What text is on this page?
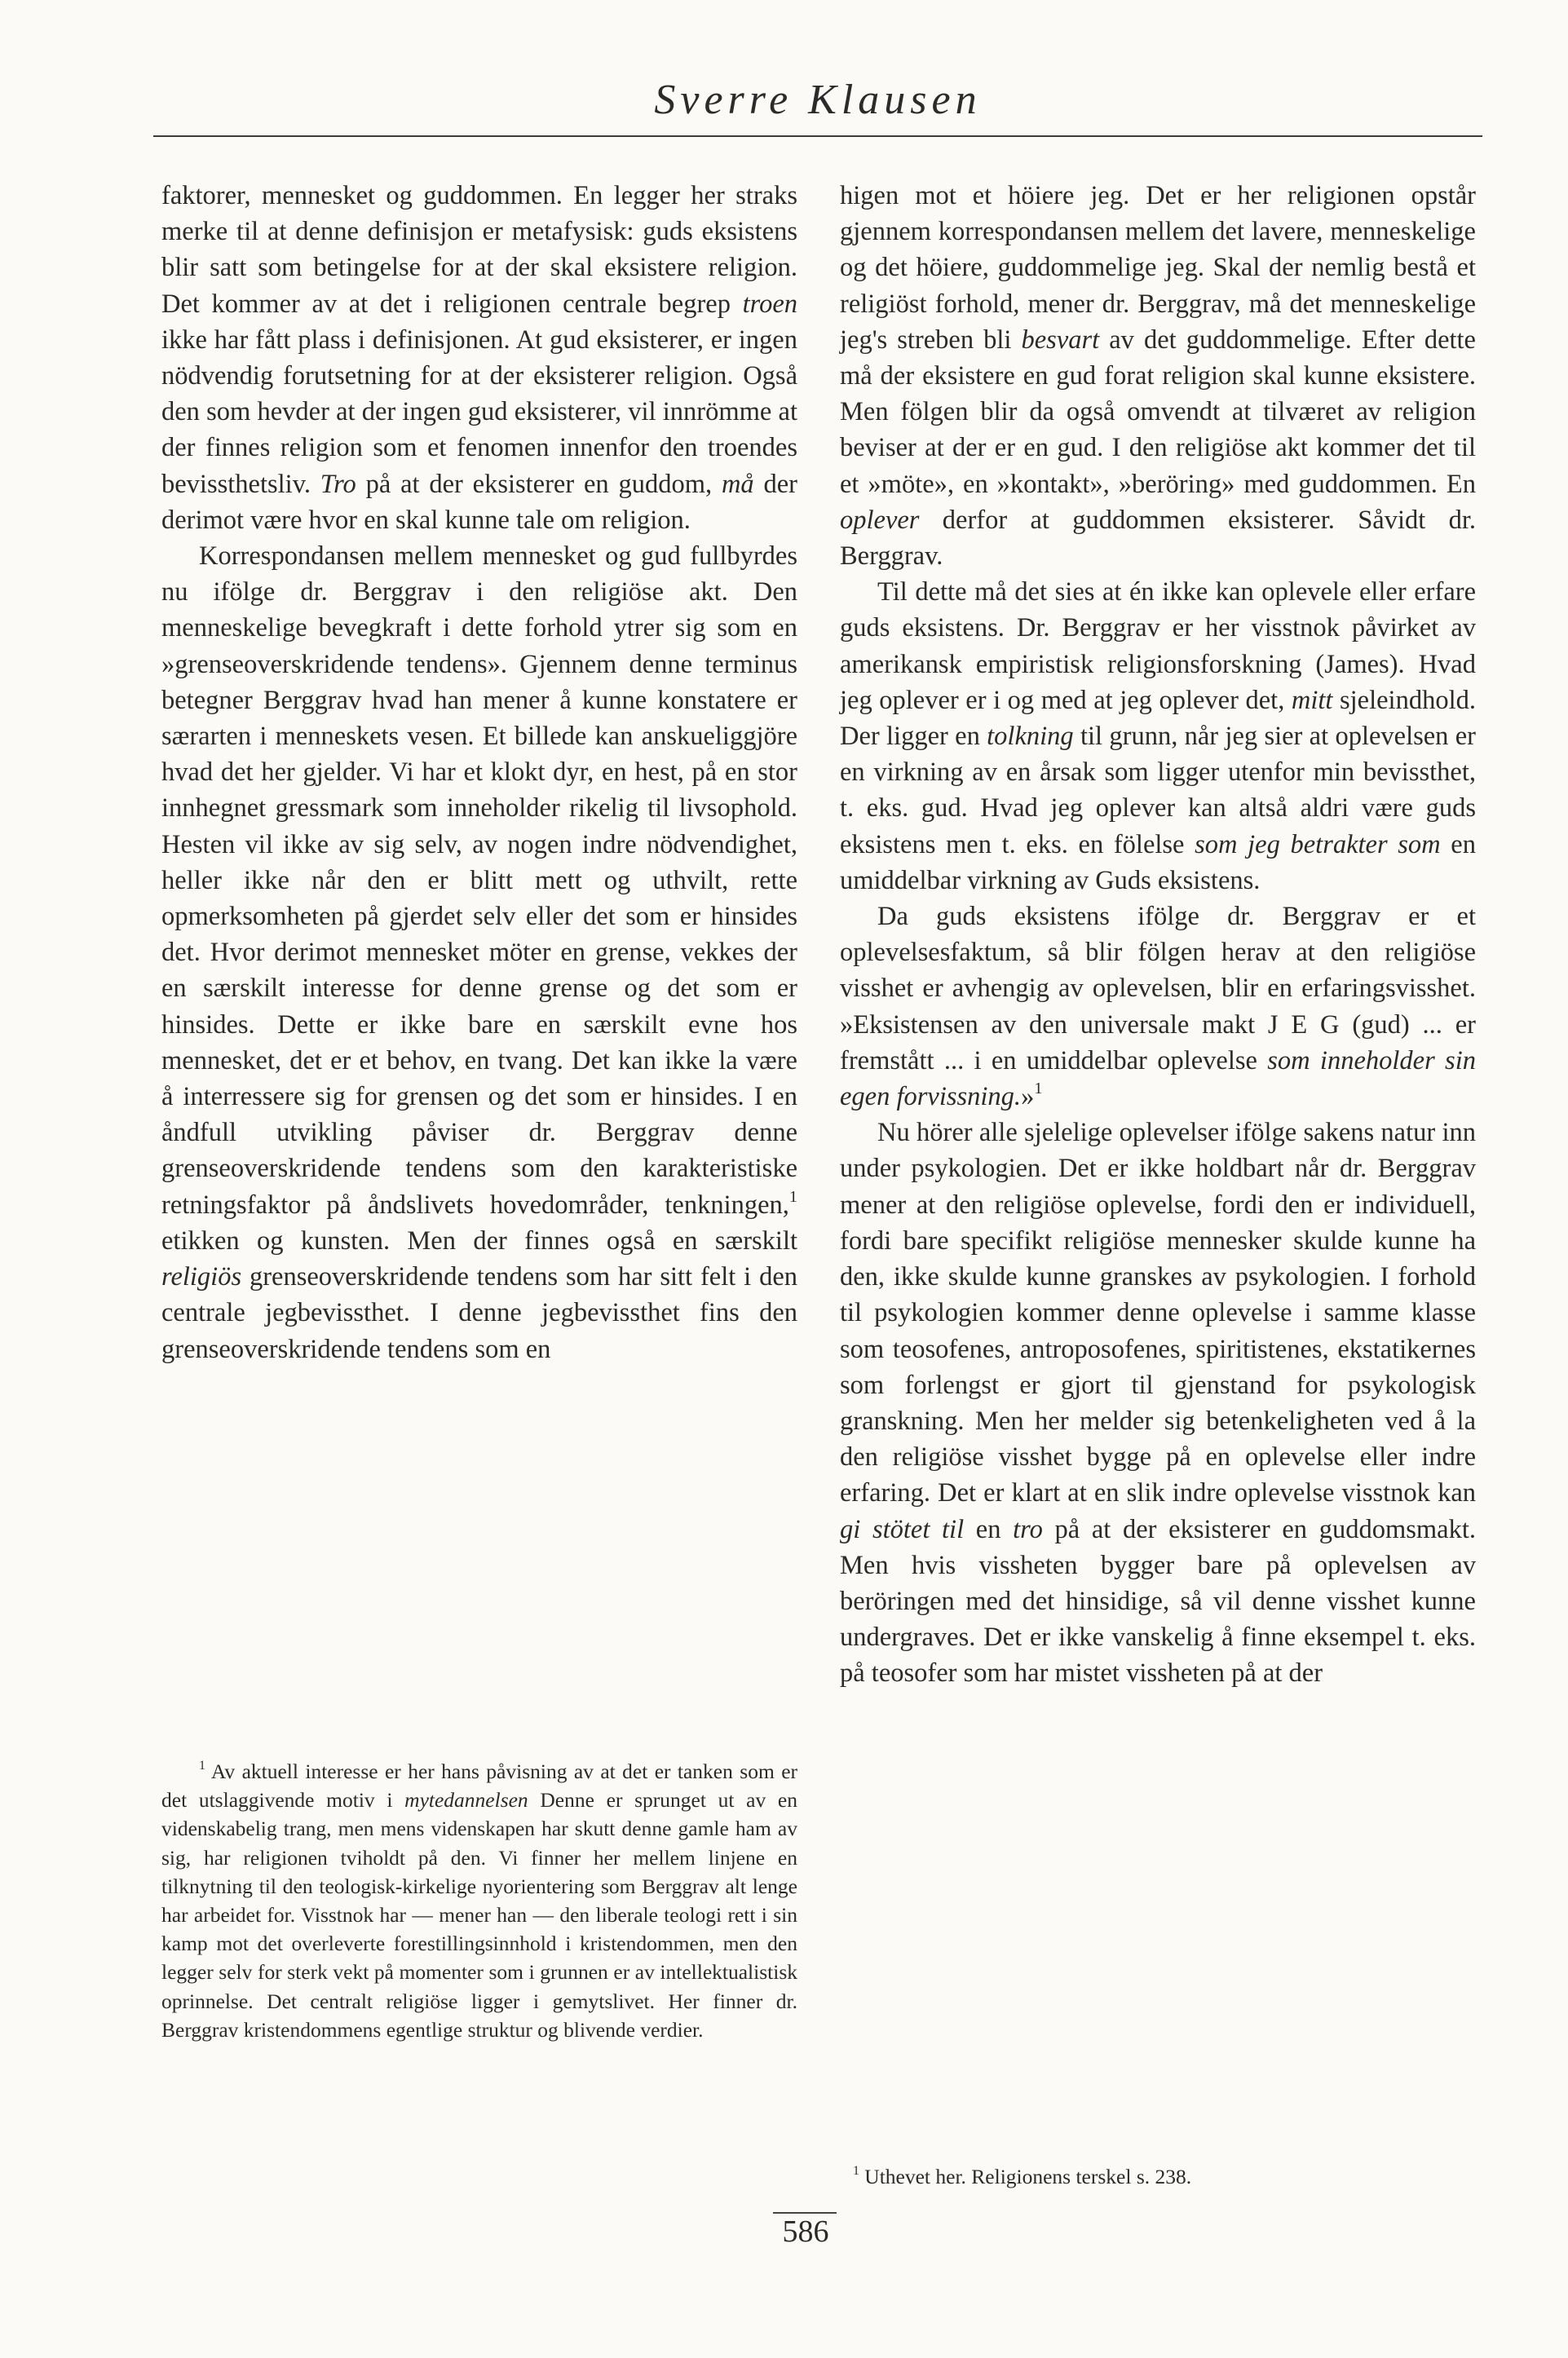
Sverre Klausen

faktorer, mennesket og guddommen. En legger her straks merke til at denne definisjon er metafysisk: guds eksistens blir satt som betingelse for at der skal eksistere religion. Det kommer av at det i religionen centrale begrep troen ikke har fått plass i definisjonen. At gud eksisterer, er ingen nödvendig forutsetning for at der eksisterer religion. Også den som hevder at der ingen gud eksisterer, vil innrömme at der finnes religion som et fenomen innenfor den troendes bevissthetsliv. Tro på at der eksisterer en guddom, må der derimot være hvor en skal kunne tale om religion.

Korrespondansen mellem mennesket og gud fullbyrdes nu ifölge dr. Berggrav i den religiöse akt. Den menneskelige bevegkraft i dette forhold ytrer sig som en »grenseoverskridende tendens». Gjennem denne terminus betegner Berggrav hvad han mener å kunne konstatere er særarten i menneskets vesen. Et billede kan anskueliggjöre hvad det her gjelder. Vi har et klokt dyr, en hest, på en stor innhegnet gressmark som inneholder rikelig til livsophold. Hesten vil ikke av sig selv, av nogen indre nödvendighet, heller ikke når den er blitt mett og uthvilt, rette opmerksomheten på gjerdet selv eller det som er hinsides det. Hvor derimot mennesket möter en grense, vekkes der en særskilt interesse for denne grense og det som er hinsides. Dette er ikke bare en særskilt evne hos mennesket, det er et behov, en tvang. Det kan ikke la være å interressere sig for grensen og det som er hinsides. I en åndfull utvikling påviser dr. Berggrav denne grenseoverskridende tendens som den karakteristiske retningsfaktor på åndslivets hovedområder, tenkningen,$^1$ etikken og kunsten. Men der finnes også en særskilt religiös grenseoverskridende tendens som har sitt felt i den centrale jegbevissthet. I denne jegbevissthet fins den grenseoverskridende tendens som en

higen mot et höiere jeg. Det er her religionen opstår gjennem korrespondansen mellem det lavere, menneskelige og det höiere, guddommelige jeg. Skal der nemlig bestå et religiöst forhold, mener dr. Berggrav, må det menneskelige jeg's streben bli besvart av det guddommelige. Efter dette må der eksistere en gud forat religion skal kunne eksistere. Men fölgen blir da også omvendt at tilværet av religion beviser at der er en gud. I den religiöse akt kommer det til et »möte», en »kontakt», »beröring» med guddommen. En oplever derfor at guddommen eksisterer. Såvidt dr. Berggrav.

Til dette må det sies at én ikke kan oplevele eller erfare guds eksistens. Dr. Berggrav er her visstnok påvirket av amerikansk empiristisk religionsforskning (James). Hvad jeg oplever er i og med at jeg oplever det, mitt sjeleindhold. Der ligger en tolkning til grunn, når jeg sier at oplevelsen er en virkning av en årsak som ligger utenfor min bevissthet, t. eks. gud. Hvad jeg oplever kan altså aldri være guds eksistens men t. eks. en fölelse som jeg betrakter som en umiddelbar virkning av Guds eksistens.

Da guds eksistens ifölge dr. Berggrav er et oplevelsesfaktum, så blir fölgen herav at den religiöse visshet er avhengig av oplevelsen, blir en erfaringsvisshet. »Eksistensen av den universale makt J E G (gud) ... er fremstått ... i en umiddelbar oplevelse som inneholder sin egen forvissning.»$^1$

Nu hörer alle sjelelige oplevelser ifölge sakens natur inn under psykologien. Det er ikke holdbart når dr. Berggrav mener at den religiöse oplevelse, fordi den er individuell, fordi bare specifikt religiöse mennesker skulde kunne ha den, ikke skulde kunne granskes av psykologien. I forhold til psykologien kommer denne oplevelse i samme klasse som teosofenes, antroposofenes, spiritistenes, ekstatikernes som forlengst er gjort til gjenstand for psykologisk granskning. Men her melder sig betenkeligheten ved å la den religiöse visshet bygge på en oplevelse eller indre erfaring. Det er klart at en slik indre oplevelse visstnok kan gi stötet til en tro på at der eksisterer en guddomsmakt. Men hvis vissheten bygger bare på oplevelsen av beröringen med det hinsidige, så vil denne visshet kunne undergraves. Det er ikke vanskelig å finne eksempel t. eks. på teosofer som har mistet vissheten på at der

$^1$ Av aktuell interesse er her hans påvisning av at det er tanken som er det utslaggivende motiv i mytedannelsen Denne er sprunget ut av en videnskabelig trang, men mens videnskapen har skutt denne gamle ham av sig, har religionen tviholdt på den. Vi finner her mellem linjene en tilknytning til den teologisk-kirkelige nyorientering som Berggrav alt lenge har arbeidet for. Visstnok har — mener han — den liberale teologi rett i sin kamp mot det overleverte forestillingsinnhold i kristendommen, men den legger selv for sterk vekt på momenter som i grunnen er av intellektualistisk oprinnelse. Det centralt religiöse ligger i gemytslivet. Her finner dr. Berggrav kristendommens egentlige struktur og blivende verdier.

$^1$ Uthevet her. Religionens terskel s. 238.

586
